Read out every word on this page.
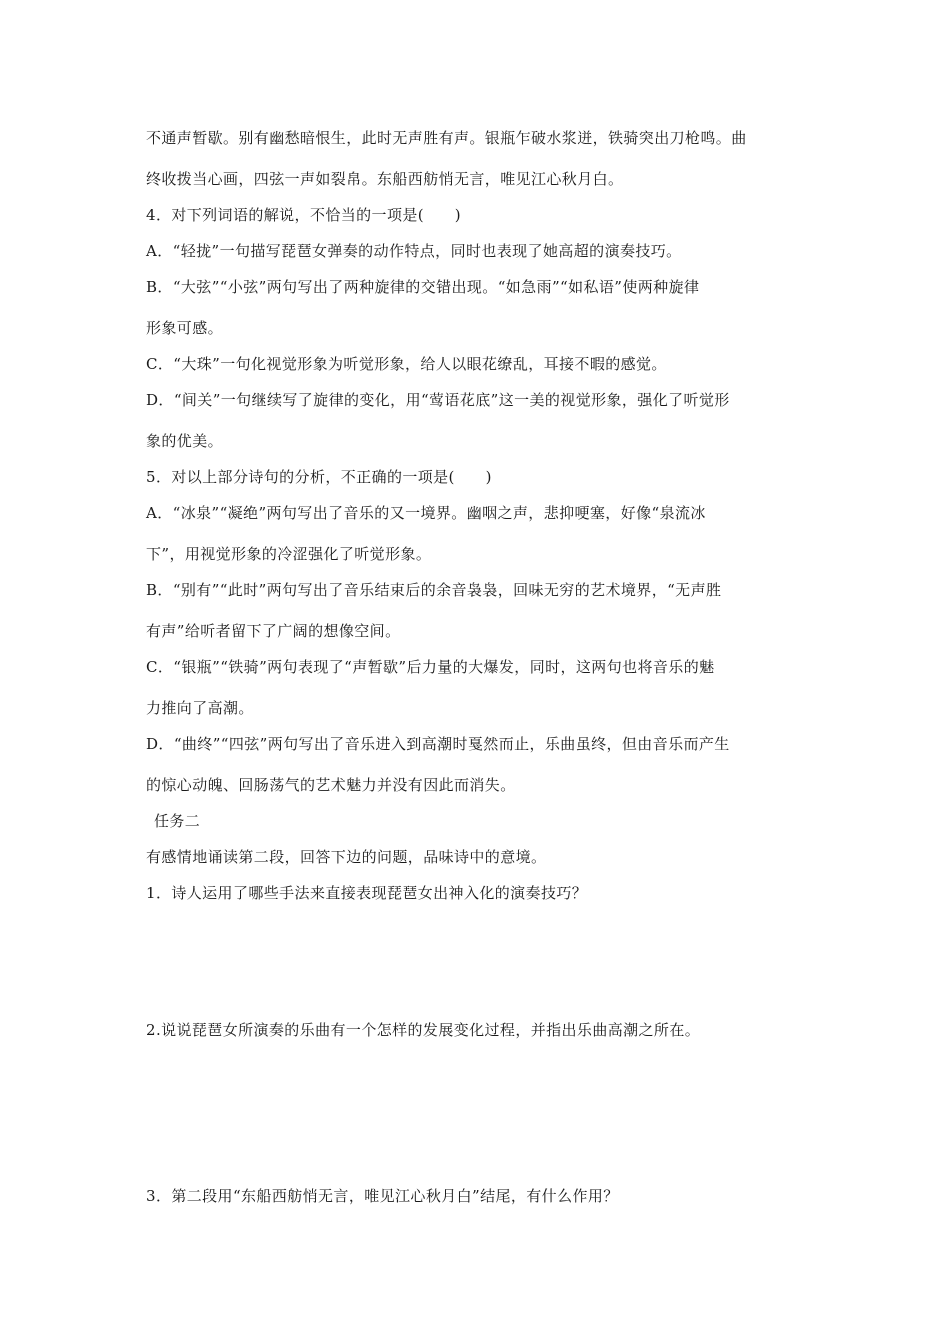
不通声暂歇。别有幽愁暗恨生，此时无声胜有声。银瓶乍破水浆迸，铁骑突出刀枪鸣。曲
终收拨当心画，四弦一声如裂帛。东船西舫悄无言，唯见江心秋月白。
4．对下列词语的解说，不恰当的一项是(　　)
A．“轻拢”一句描写琵琶女弹奏的动作特点，同时也表现了她高超的演奏技巧。
B．“大弦”“小弦”两句写出了两种旋律的交错出现。“如急雨”“如私语”使两种旋律
形象可感。
C．“大珠”一句化视觉形象为听觉形象，给人以眼花缭乱，耳接不暇的感觉。
D．“间关”一句继续写了旋律的变化，用“莺语花底”这一美的视觉形象，强化了听觉形
象的优美。
5．对以上部分诗句的分析，不正确的一项是(　　)
A．“冰泉”“凝绝”两句写出了音乐的又一境界。幽咽之声，悲抑哽塞，好像“泉流冰
下”，用视觉形象的冷涩强化了听觉形象。
B．“别有”“此时”两句写出了音乐结束后的余音袅袅，回味无穷的艺术境界，“无声胜
有声”给听者留下了广阔的想像空间。
C．“银瓶”“铁骑”两句表现了“声暂歇”后力量的大爆发，同时，这两句也将音乐的魅
力推向了高潮。
D．“曲终”“四弦”两句写出了音乐进入到高潮时戛然而止，乐曲虽终，但由音乐而产生
的惊心动魄、回肠荡气的艺术魅力并没有因此而消失。
任务二
有感情地诵读第二段，回答下边的问题，品味诗中的意境。
1．诗人运用了哪些手法来直接表现琵琶女出神入化的演奏技巧？
2.说说琵琶女所演奏的乐曲有一个怎样的发展变化过程，并指出乐曲高潮之所在。
3．第二段用“东船西舫悄无言，唯见江心秋月白”结尾，有什么作用？
